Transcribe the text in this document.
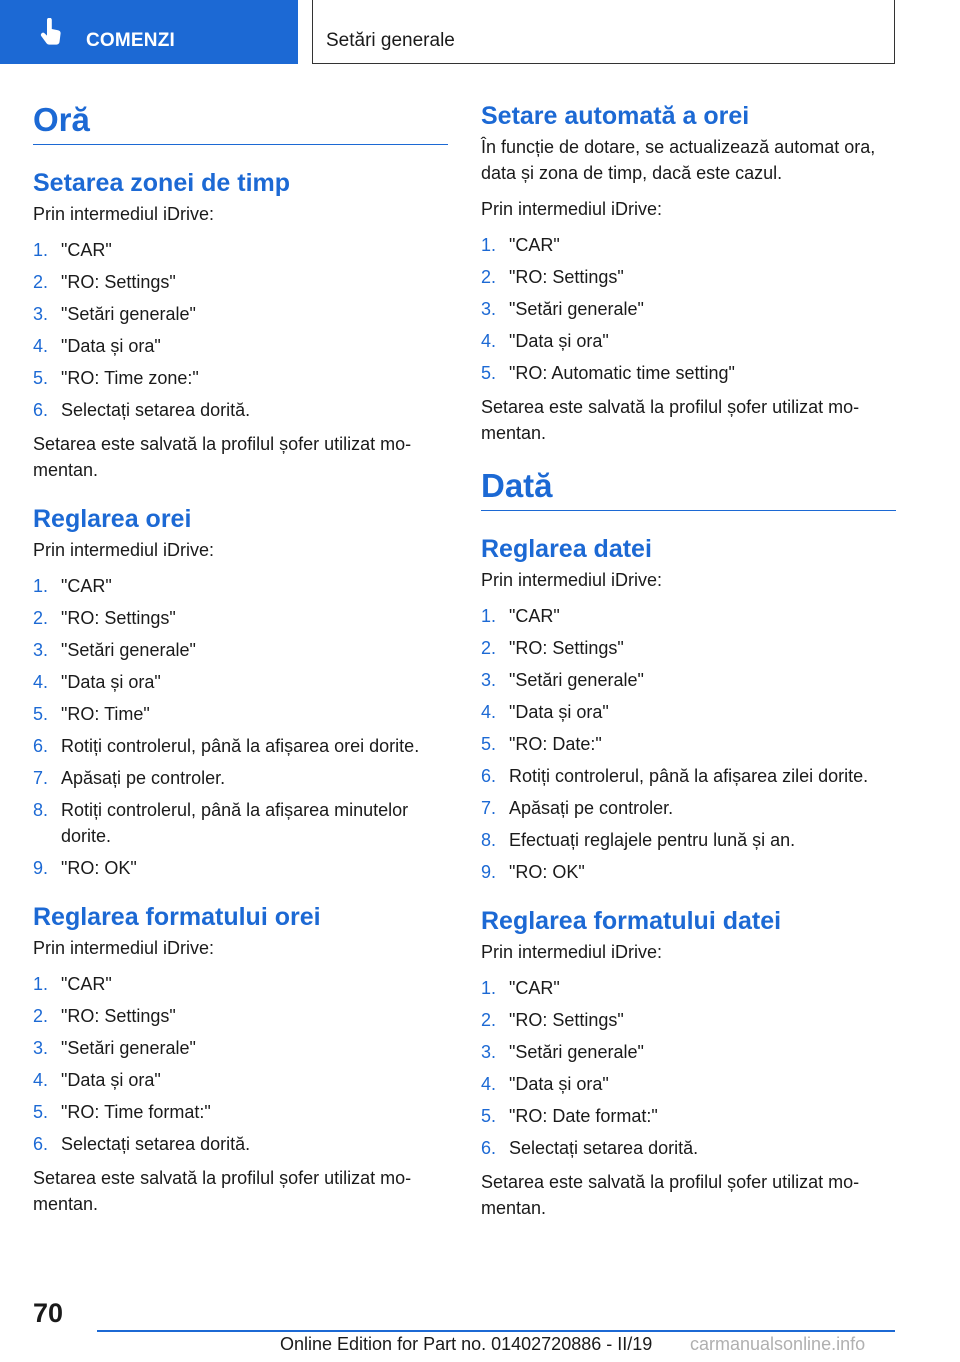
COMENZI	Setări generale
Oră
Setarea zonei de timp
Prin intermediul iDrive:
1. "CAR"
2. "RO: Settings"
3. "Setări generale"
4. "Data și ora"
5. "RO: Time zone:"
6. Selectați setarea dorită.
Setarea este salvată la profilul șofer utilizat mo-mentan.
Reglarea orei
Prin intermediul iDrive:
1. "CAR"
2. "RO: Settings"
3. "Setări generale"
4. "Data și ora"
5. "RO: Time"
6. Rotiți controlerul, până la afișarea orei dorite.
7. Apăsați pe controler.
8. Rotiți controlerul, până la afișarea minutelor dorite.
9. "RO: OK"
Reglarea formatului orei
Prin intermediul iDrive:
1. "CAR"
2. "RO: Settings"
3. "Setări generale"
4. "Data și ora"
5. "RO: Time format:"
6. Selectați setarea dorită.
Setarea este salvată la profilul șofer utilizat mo-mentan.
Setare automată a orei
În funcție de dotare, se actualizează automat ora, data și zona de timp, dacă este cazul.
Prin intermediul iDrive:
1. "CAR"
2. "RO: Settings"
3. "Setări generale"
4. "Data și ora"
5. "RO: Automatic time setting"
Setarea este salvată la profilul șofer utilizat mo-mentan.
Dată
Reglarea datei
Prin intermediul iDrive:
1. "CAR"
2. "RO: Settings"
3. "Setări generale"
4. "Data și ora"
5. "RO: Date:"
6. Rotiți controlerul, până la afișarea zilei dorite.
7. Apăsați pe controler.
8. Efectuați reglajele pentru lună și an.
9. "RO: OK"
Reglarea formatului datei
Prin intermediul iDrive:
1. "CAR"
2. "RO: Settings"
3. "Setări generale"
4. "Data și ora"
5. "RO: Date format:"
6. Selectați setarea dorită.
Setarea este salvată la profilul șofer utilizat mo-mentan.
70
Online Edition for Part no. 01402720886 - II/19 carmanualsonline.info
